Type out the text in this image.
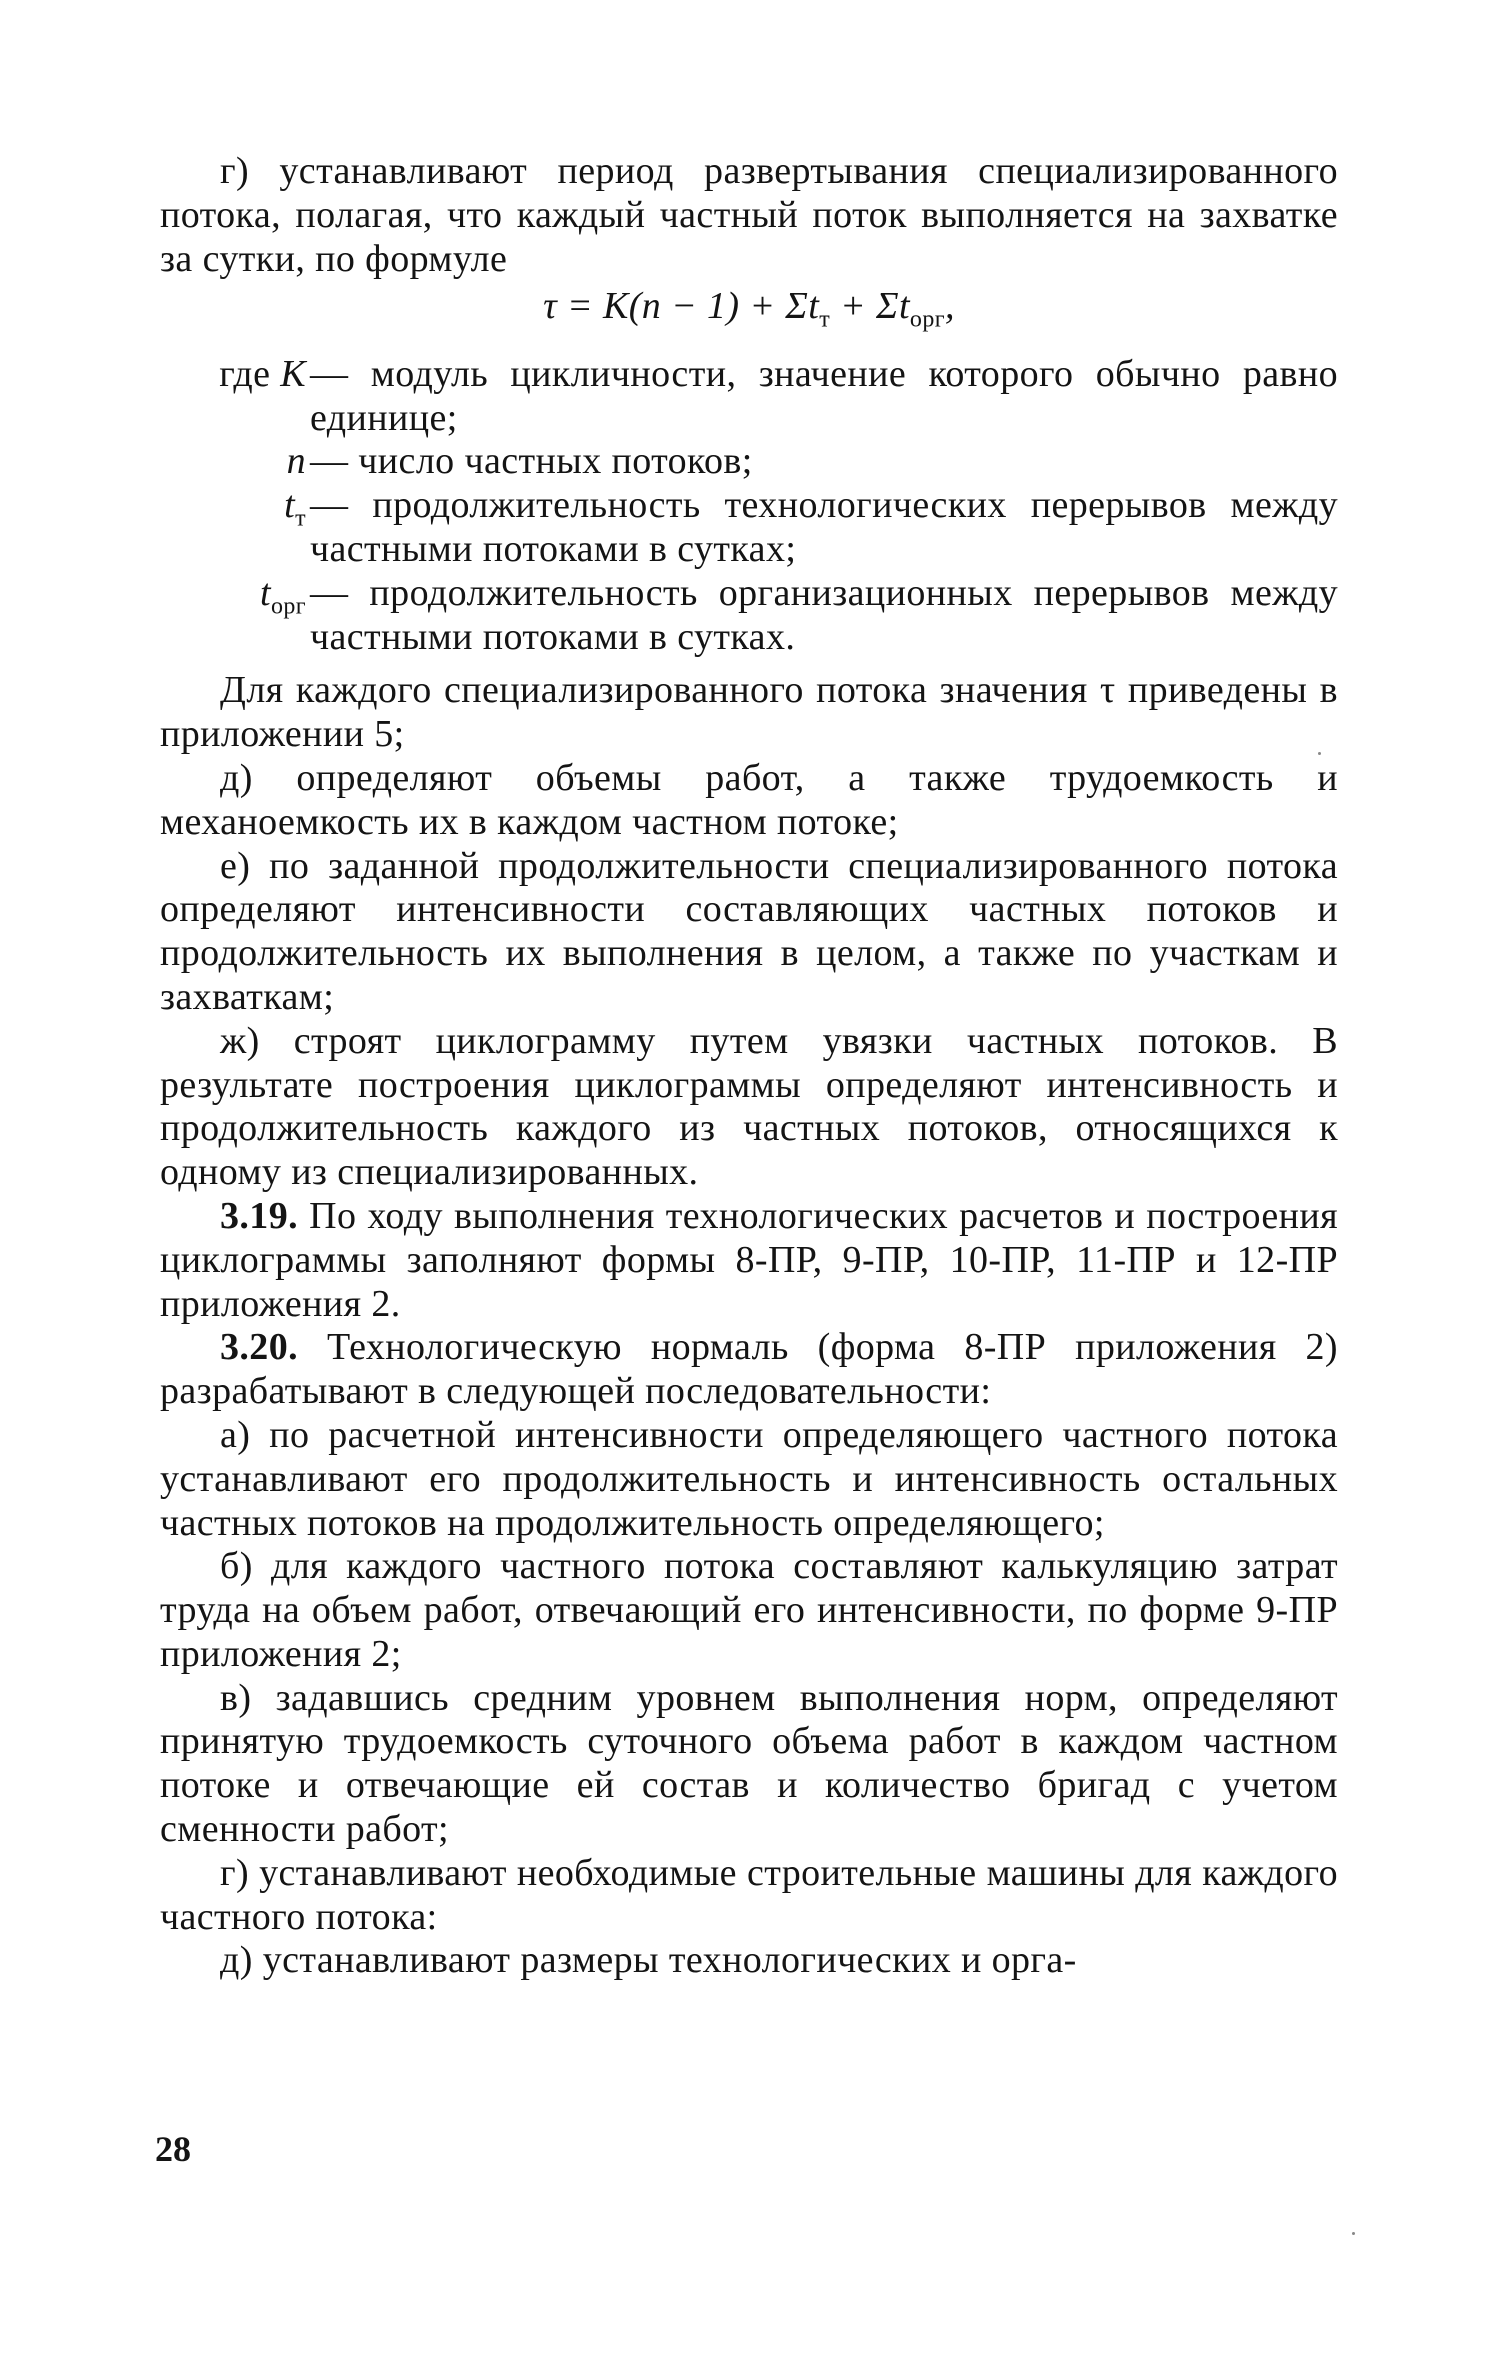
г) устанавливают период развертывания специализированного потока, полагая, что каждый частный поток выполняется на захватке за сутки, по формуле

$\tau = K(n - 1) + \Sigma t_т + \Sigma t_{орг}$,
где K — модуль цикличности, значение которого обычно равно единице;
n — число частных потоков;
$t_т$ — продолжительность технологических перерывов между частными потоками в сутках;
$t_{орг}$ — продолжительность организационных перерывов между частными потоками в сутках.

Для каждого специализированного потока значения τ приведены в приложении 5;

д) определяют объемы работ, а также трудоемкость и механоемкость их в каждом частном потоке;

е) по заданной продолжительности специализированного потока определяют интенсивности составляющих частных потоков и продолжительность их выполнения в целом, а также по участкам и захваткам;

ж) строят циклограмму путем увязки частных потоков. В результате построения циклограммы определяют интенсивность и продолжительность каждого из частных потоков, относящихся к одному из специализированных.

3.19. По ходу выполнения технологических расчетов и построения циклограммы заполняют формы 8-ПР, 9-ПР, 10-ПР, 11-ПР и 12-ПР приложения 2.

3.20. Технологическую нормаль (форма 8-ПР приложения 2) разрабатывают в следующей последовательности:

а) по расчетной интенсивности определяющего частного потока устанавливают его продолжительность и интенсивность остальных частных потоков на продолжительность определяющего;

б) для каждого частного потока составляют калькуляцию затрат труда на объем работ, отвечающий его интенсивности, по форме 9-ПР приложения 2;

в) задавшись средним уровнем выполнения норм, определяют принятую трудоемкость суточного объема работ в каждом частном потоке и отвечающие ей состав и количество бригад с учетом сменности работ;

г) устанавливают необходимые строительные машины для каждого частного потока:

д) устанавливают размеры технологических и орга-

28
